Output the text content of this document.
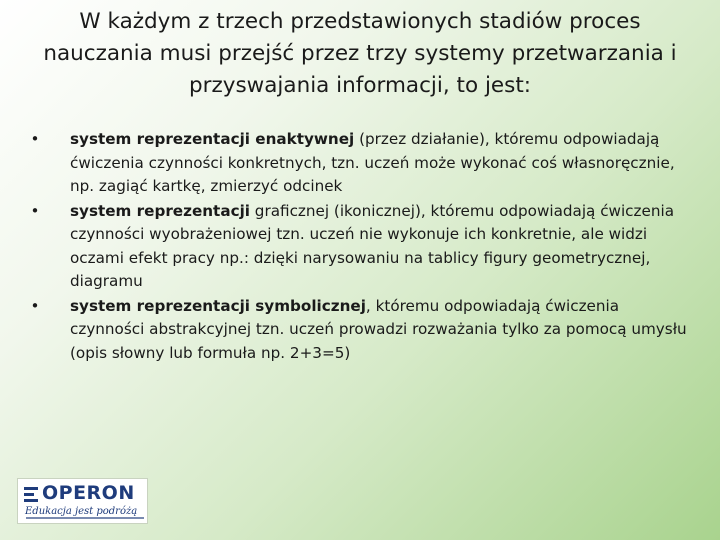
W każdym z trzech przedstawionych stadiów proces nauczania musi przejść przez trzy systemy przetwarzania i przyswajania informacji, to jest:
• system reprezentacji enaktywnej (przez działanie), któremu odpowiadają ćwiczenia czynności konkretnych, tzn. uczeń może wykonać coś własnoręcznie, np. zagiąć kartkę, zmierzyć odcinek
• system reprezentacji graficznej (ikonicznej), któremu odpowiadają ćwiczenia czynności wyobrażeniowej tzn. uczeń nie wykonuje ich konkretnie, ale widzi oczami efekt pracy np.: dzięki narysowaniu na tablicy figury geometrycznej, diagramu
• system reprezentacji symbolicznej, któremu odpowiadają ćwiczenia czynności abstrakcyjnej tzn. uczeń prowadzi rozważania tylko za pomocą umysłu (opis słowny lub formuła np. 2+3=5)
OPERON
Edukacja jest podróżą
